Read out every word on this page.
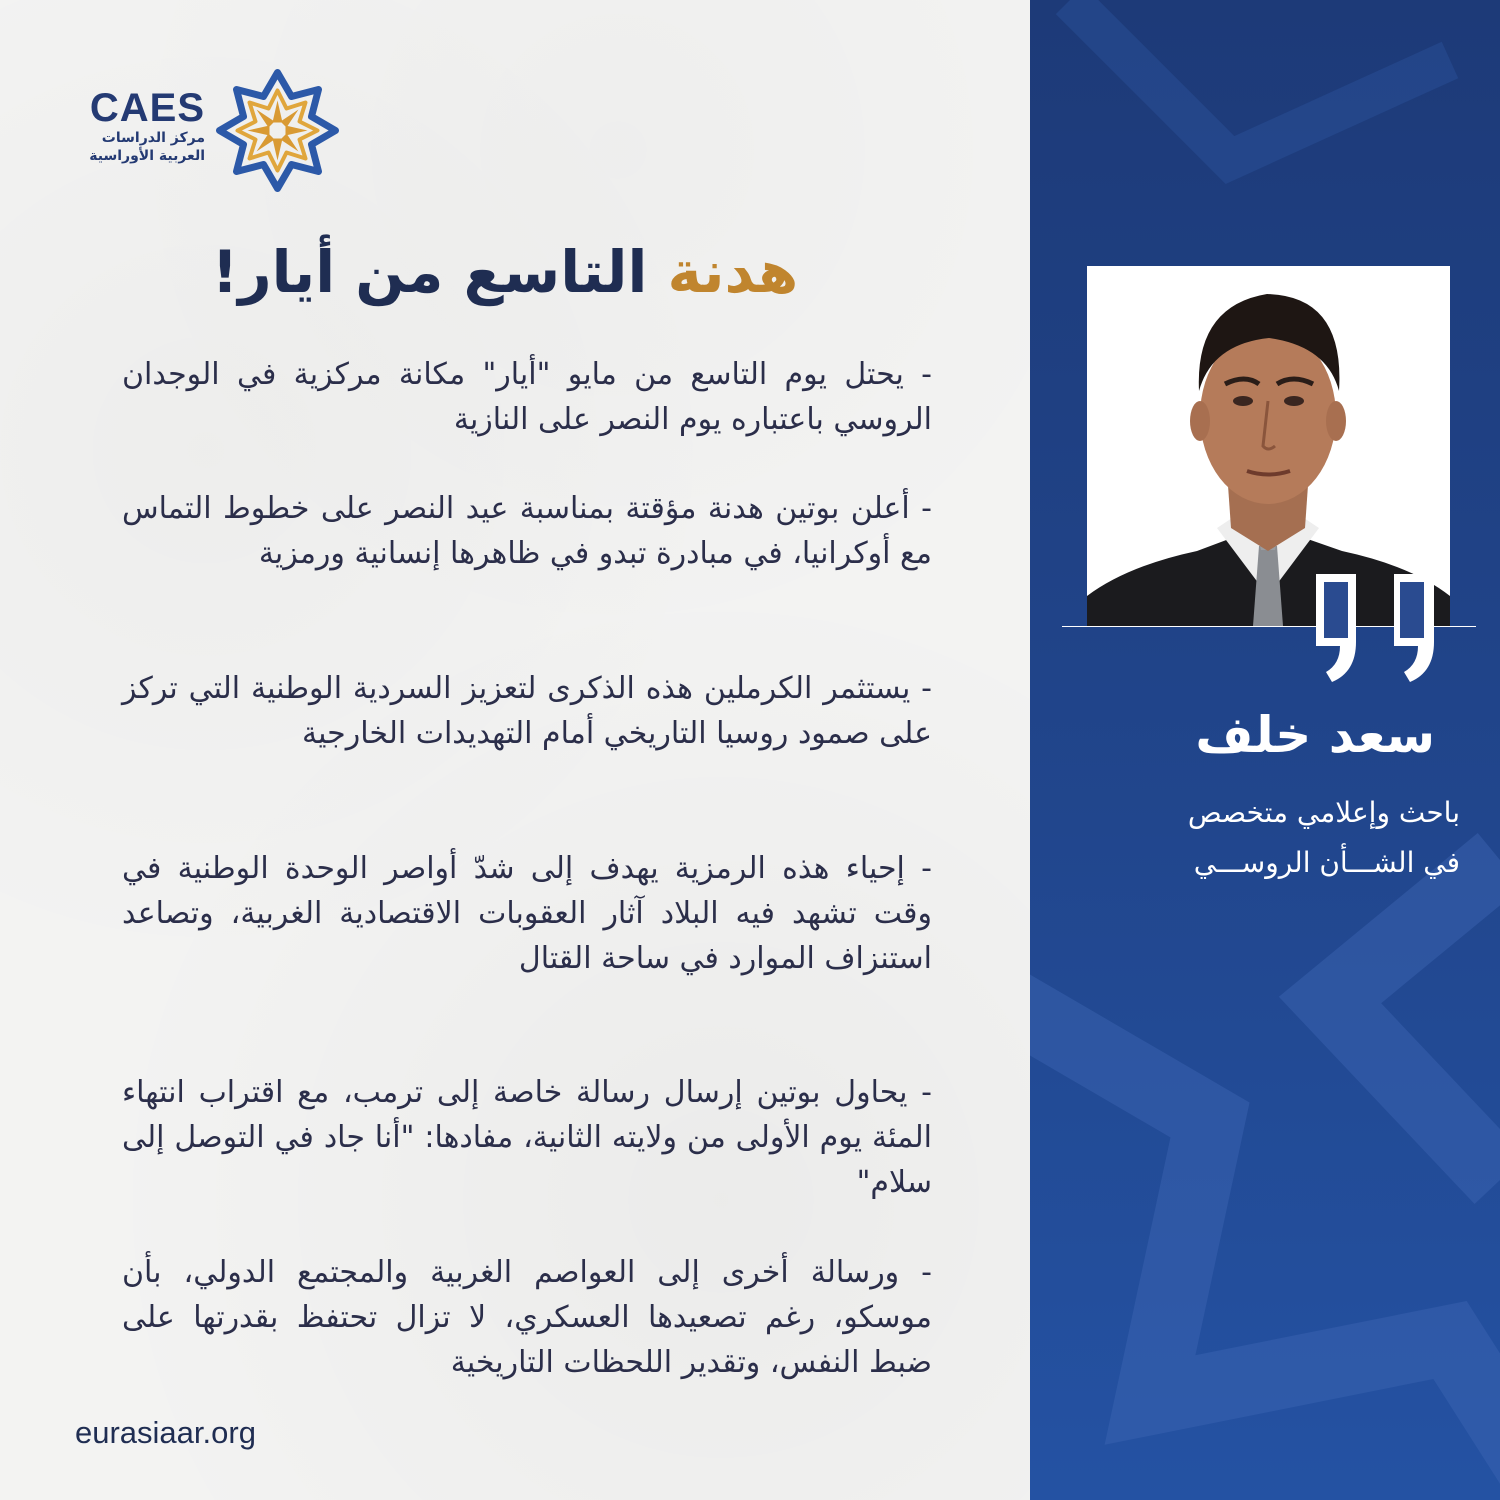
CAES
مركز الدراسات
العربية الأوراسية
هدنة التاسع من أيار!

- يحتل يوم التاسع من مايو "أيار" مكانة مركزية في الوجدان الروسي باعتباره يوم النصر على النازية

- أعلن بوتين هدنة مؤقتة بمناسبة عيد النصر على خطوط التماس مع أوكرانيا، في مبادرة تبدو في ظاهرها إنسانية ورمزية

- يستثمر الكرملين هذه الذكرى لتعزيز السردية الوطنية التي تركز على صمود روسيا التاريخي أمام التهديدات الخارجية

- إحياء هذه الرمزية يهدف إلى شدّ أواصر الوحدة الوطنية في وقت تشهد فيه البلاد آثار العقوبات الاقتصادية الغربية، وتصاعد استنزاف الموارد في ساحة القتال

- يحاول بوتين إرسال رسالة خاصة إلى ترمب، مع اقتراب انتهاء المئة يوم الأولى من ولايته الثانية، مفادها: "أنا جاد في التوصل إلى سلام"

- ورسالة أخرى إلى العواصم الغربية والمجتمع الدولي، بأن موسكو، رغم تصعيدها العسكري، لا تزال تحتفظ بقدرتها على ضبط النفس، وتقدير اللحظات التاريخية

eurasiaar.org
سعد خلف
باحث وإعلامي متخصص
في الشـــأن الروســـي
